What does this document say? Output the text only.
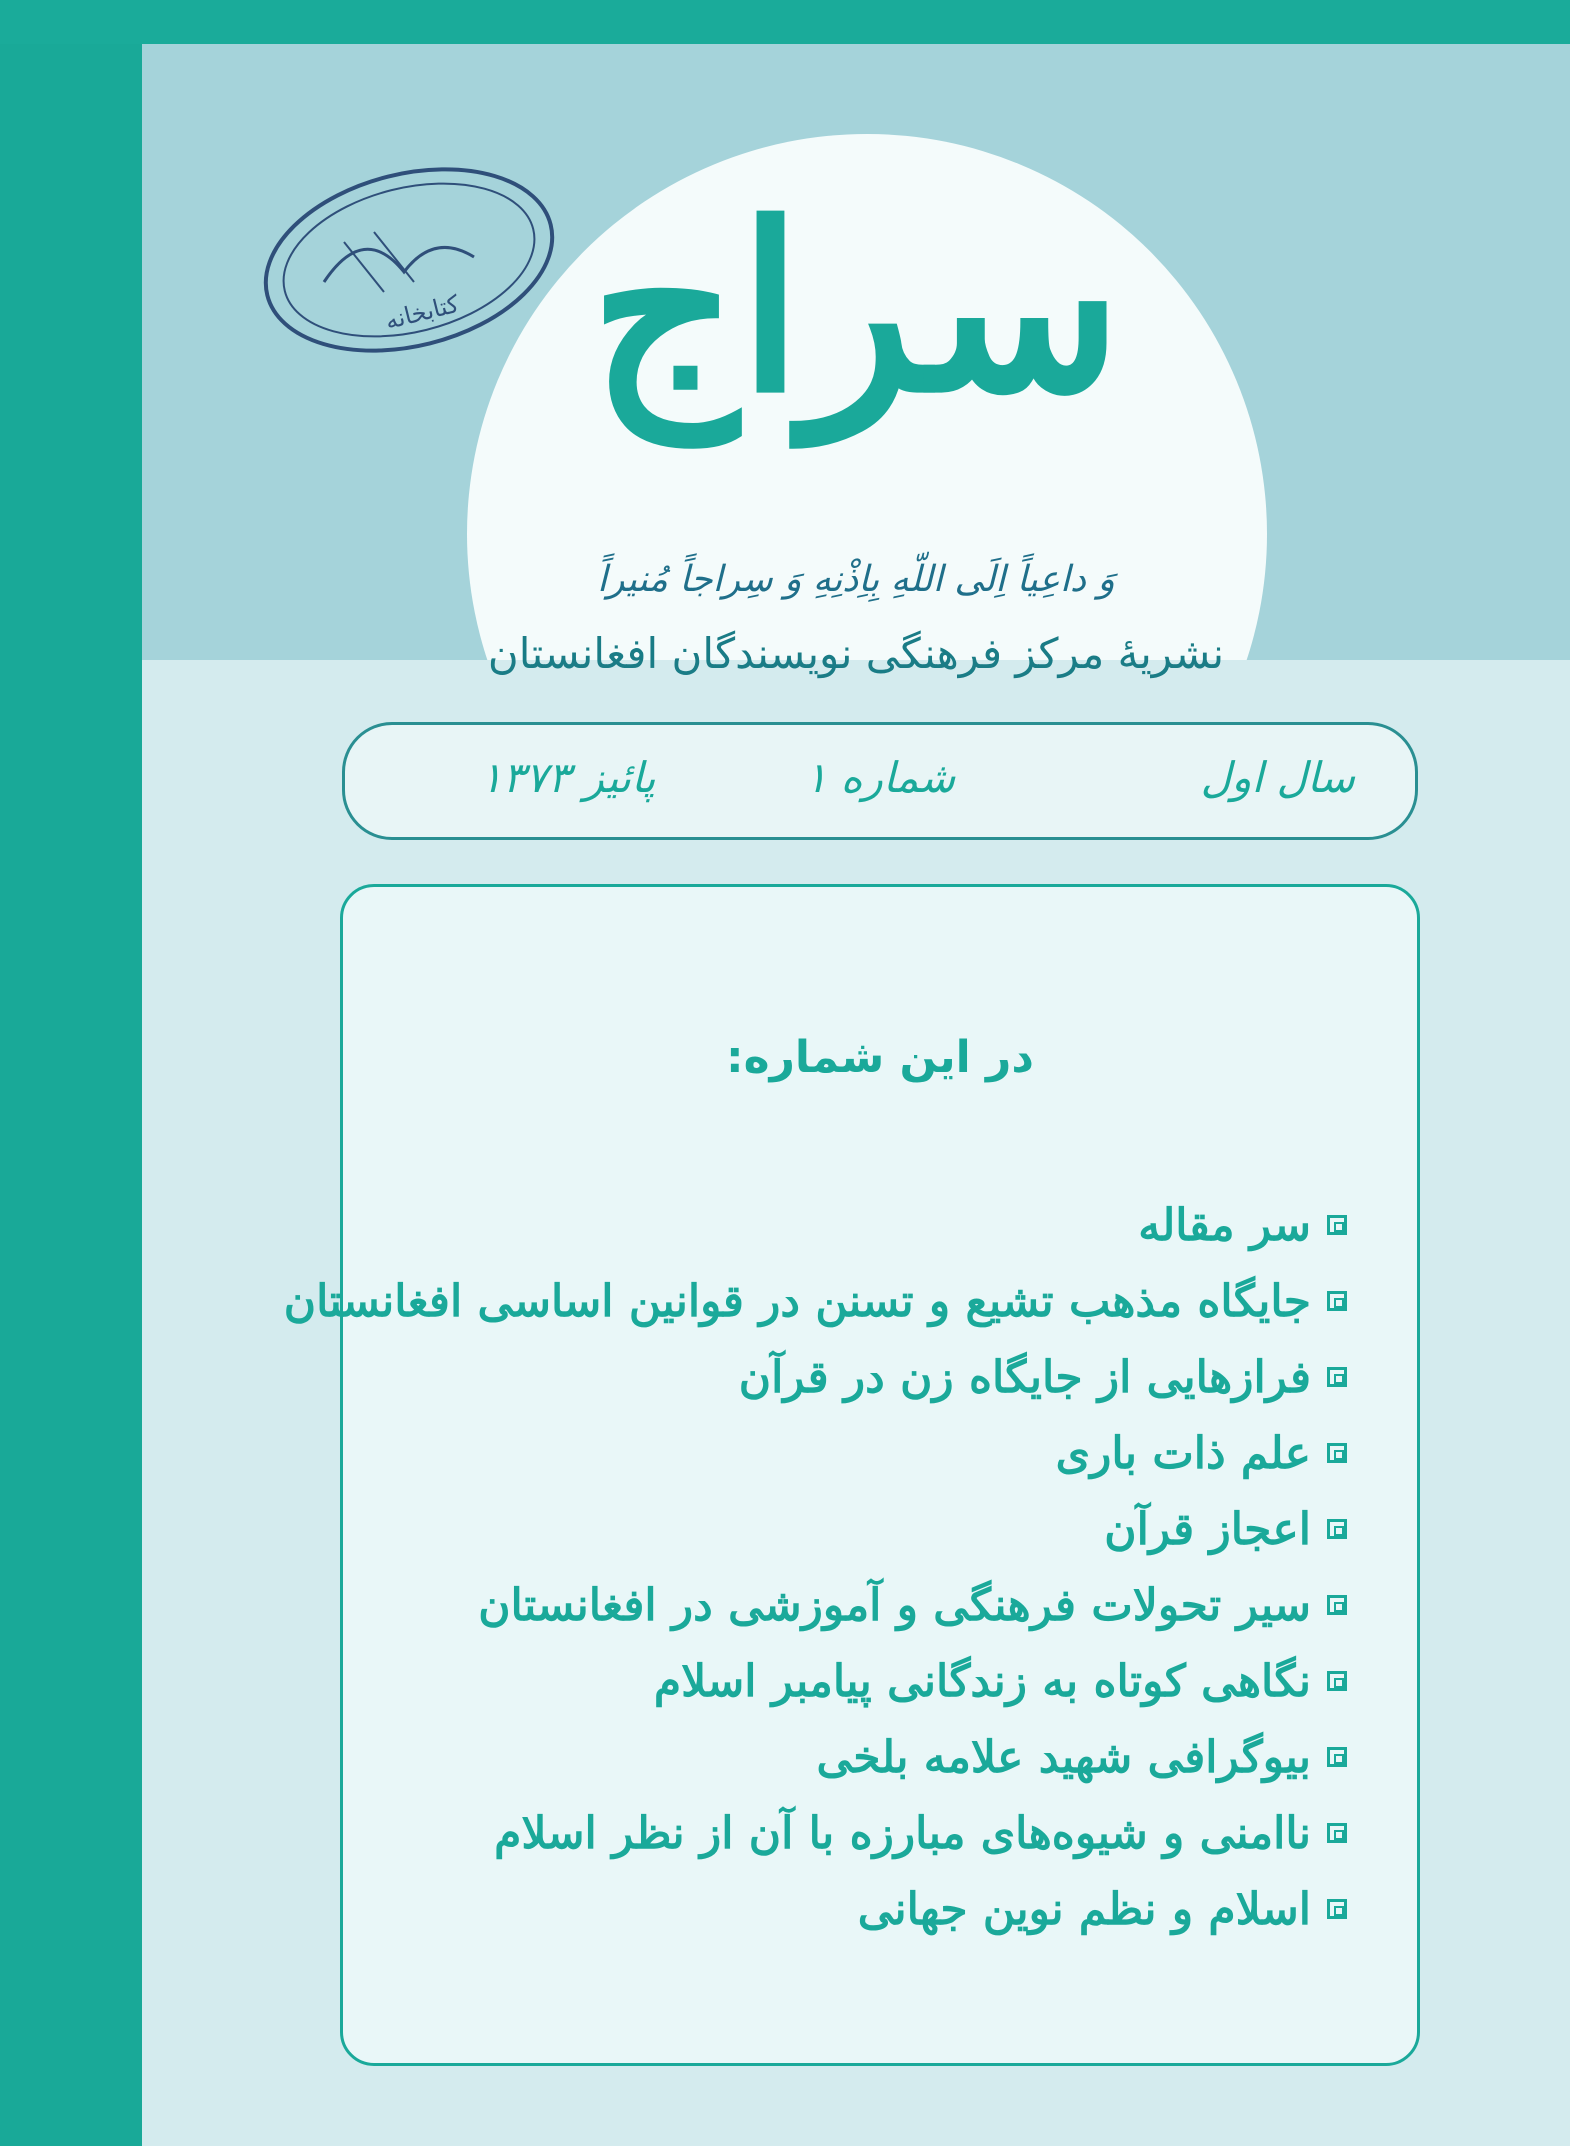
کتابخانه سراج
وَ داعِياً اِلَى اللّهِ بِاِذْنِهِ وَ سِراجاً مُنيراً
نشريهٔ مرکز فرهنگی نويسندگان افغانستان
سال اول
شماره ۱
پائيز ۱۳۷۳
در اين شماره:
سر مقاله
جايگاه مذهب تشيع و تسنن در قوانين اساسی افغانستان
فرازهايی از جايگاه زن در قرآن
علم ذات باری
اعجاز قرآن
سير تحولات فرهنگی و آموزشی در افغانستان
نگاهی کوتاه به زندگانی پيامبر اسلام
بيوگرافی شهيد علامه بلخی
ناامنی و شيوه‌های مبارزه با آن از نظر اسلام
اسلام و نظم نوين جهانی
